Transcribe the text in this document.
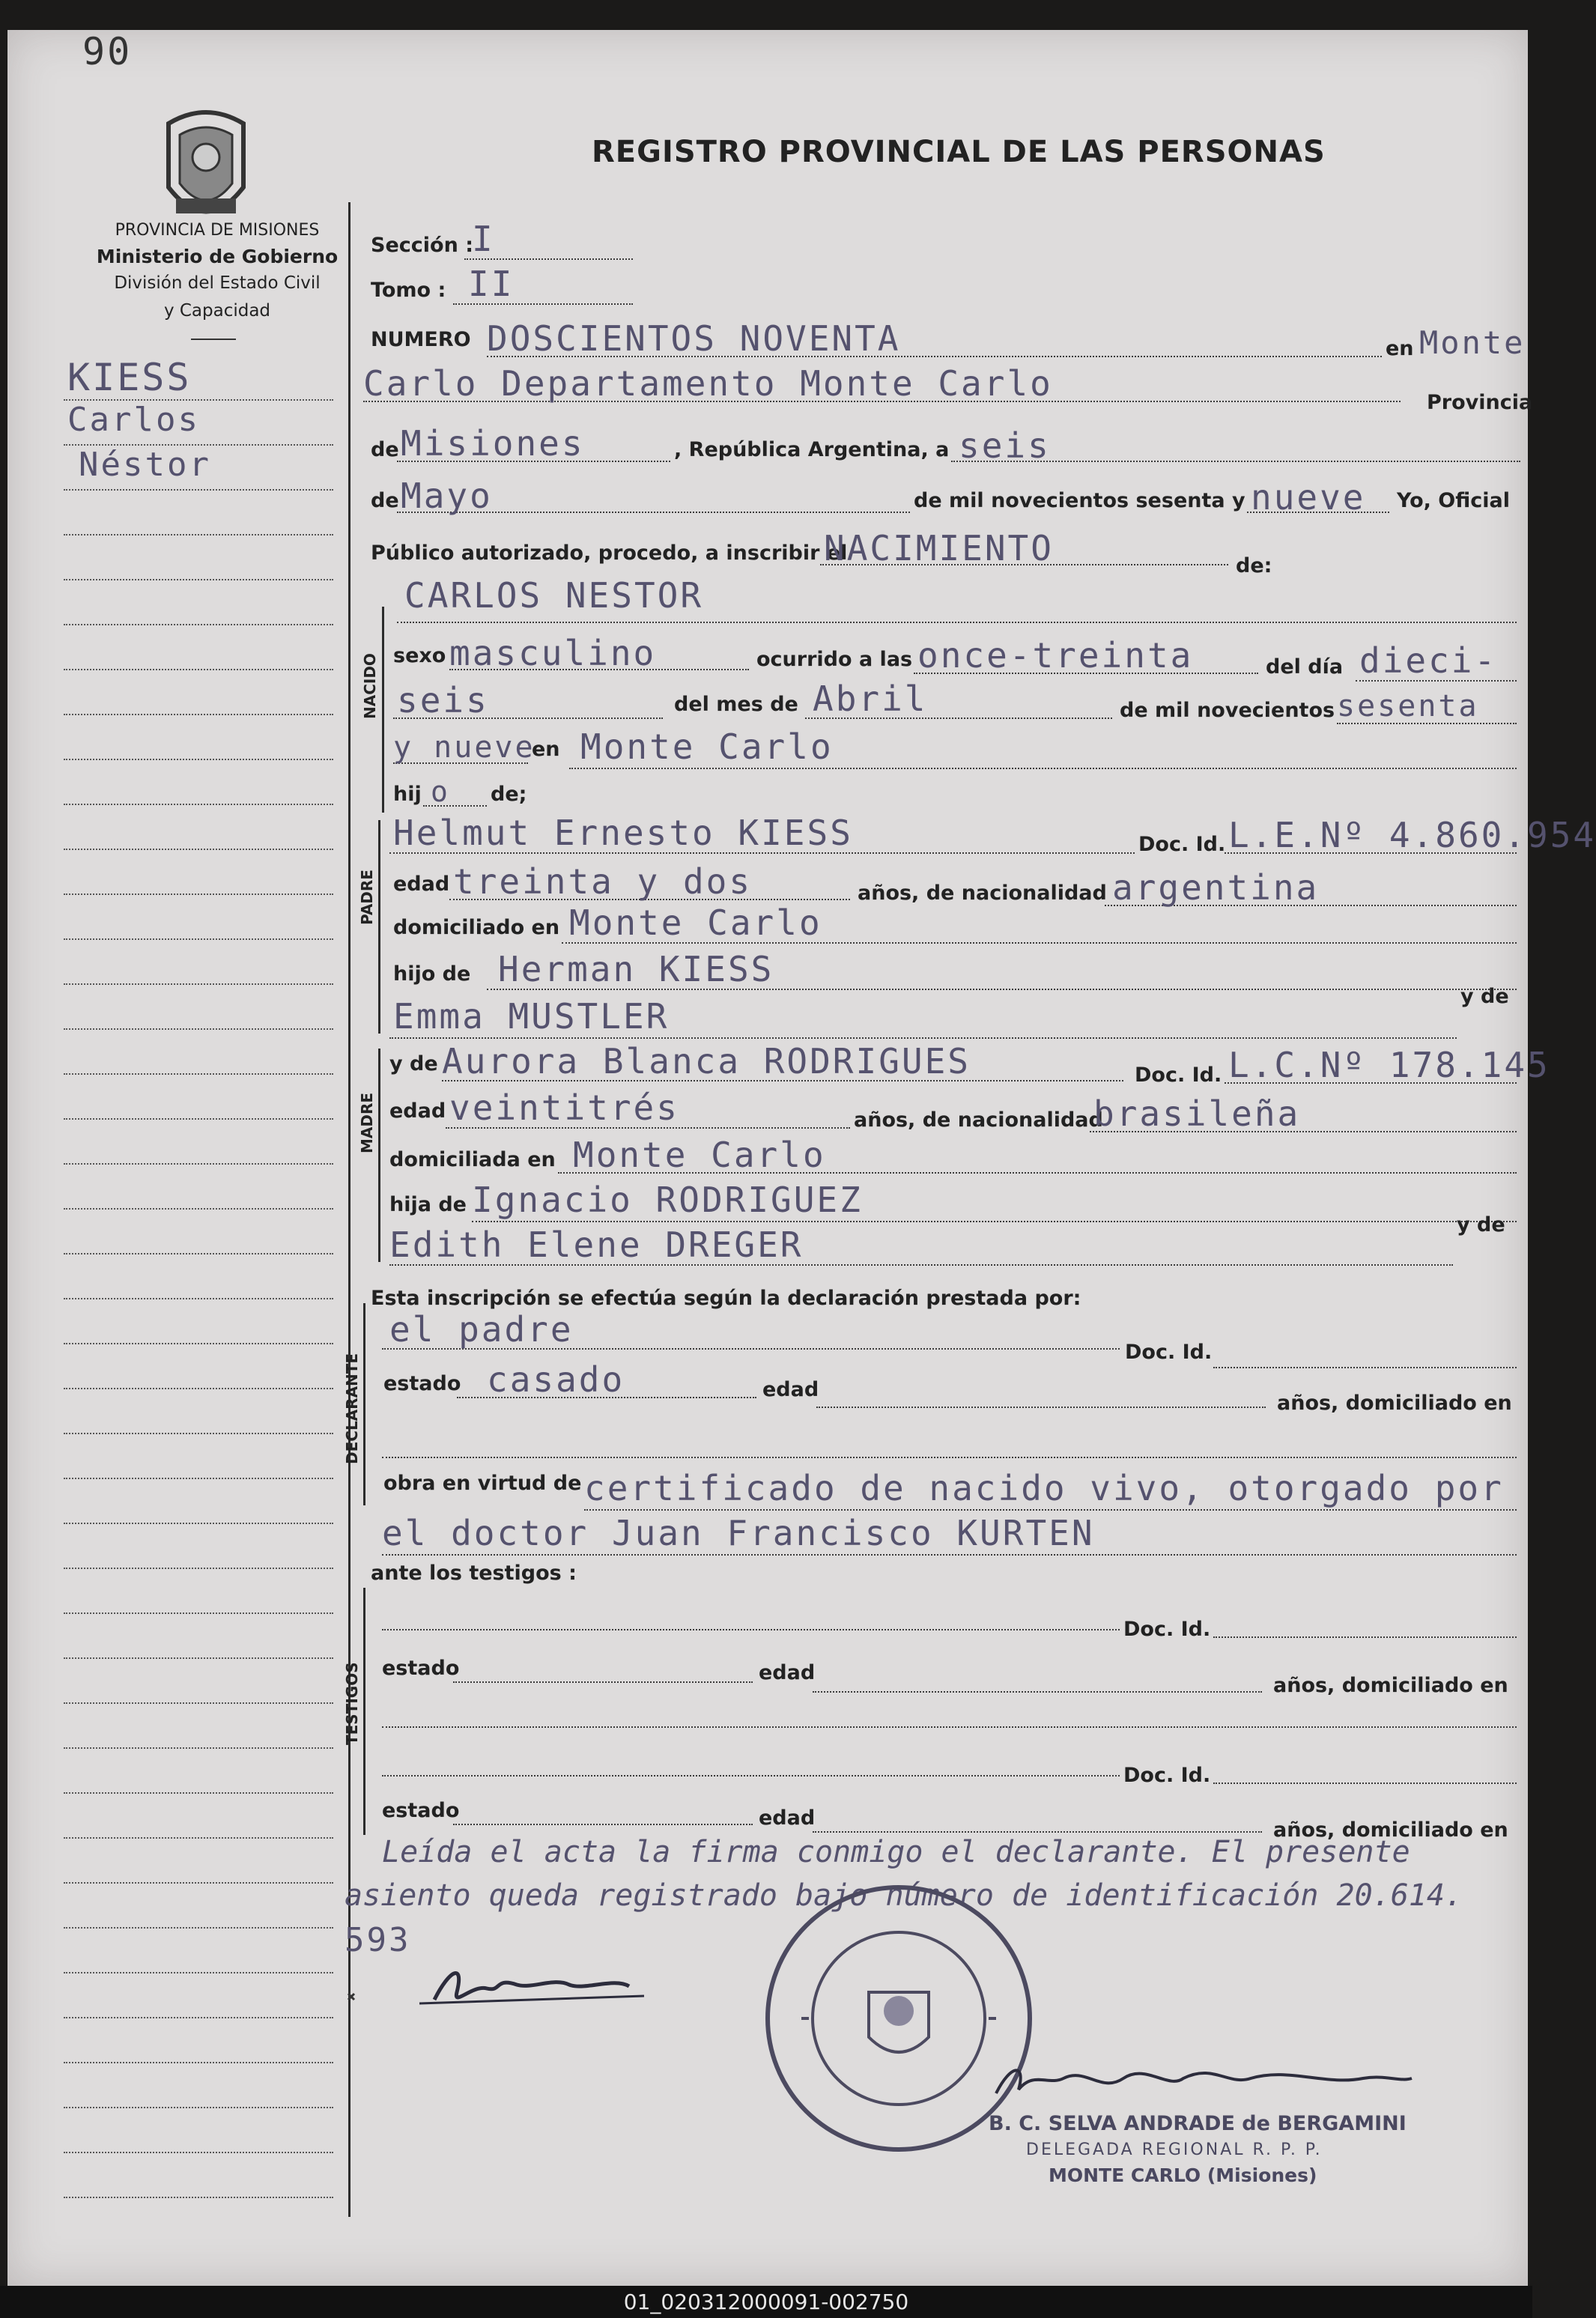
90
PROVINCIA DE MISIONES
Ministerio de Gobierno
División del Estado Civil
y Capacidad
REGISTRO PROVINCIAL DE LAS PERSONAS
NACIDO
PADRE
MADRE
DECLARANTE
TESTIGOS
KIESS
Carlos
Néstor
Sección :
I
Tomo : II
NUMERO DOSCIENTOS NOVENTA	en Monte
Carlo Departamento Monte Carlo	Provincia
de Misiones	, República Argentina, a seis
de Mayo	de mil novecientos sesenta y nueve Yo, Oficial
Público autorizado, procedo, a inscribir el
NACIMIENTO	de:
CARLOS NESTOR
sexo masculino	ocurrido a las once-treinta	del día dieci-
seis	del mes de Abril	de mil novecientos sesenta
y nueve
en Monte Carlo
hij o de;
Helmut Ernesto KIESS	Doc. Id. L.E.Nº 4.860.954
edad treinta y dos	años, de nacionalidad argentina
domiciliado en Monte Carlo
hijo de Herman KIESS
Emma MUSTLER	y de
y de Aurora Blanca RODRIGUES	Doc. Id. L.C.Nº 178.145
edad veintitrés	años, de nacionalidad
brasileña
domiciliada en Monte Carlo
hija de Ignacio RODRIGUEZ
Edith Elene DREGER	y de
Esta inscripción se efectúa según la declaración prestada por:
el padre
Doc. Id.
estado casado	edad
años, domiciliado en
obra en virtud de certificado de nacido vivo, otorgado por
el doctor Juan Francisco KURTEN
ante los testigos :
Doc. Id.
estado	edad
años, domiciliado en
Doc. Id.
estado	edad
años, domiciliado en
Leída el acta la firma conmigo el declarante. El presente
asiento queda registrado bajo número de identificación 20.614.
593
B. C. SELVA ANDRADE de BERGAMINI
DELEGADA REGIONAL R. P. P.
MONTE CARLO (Misiones)
01_020312000091-002750
